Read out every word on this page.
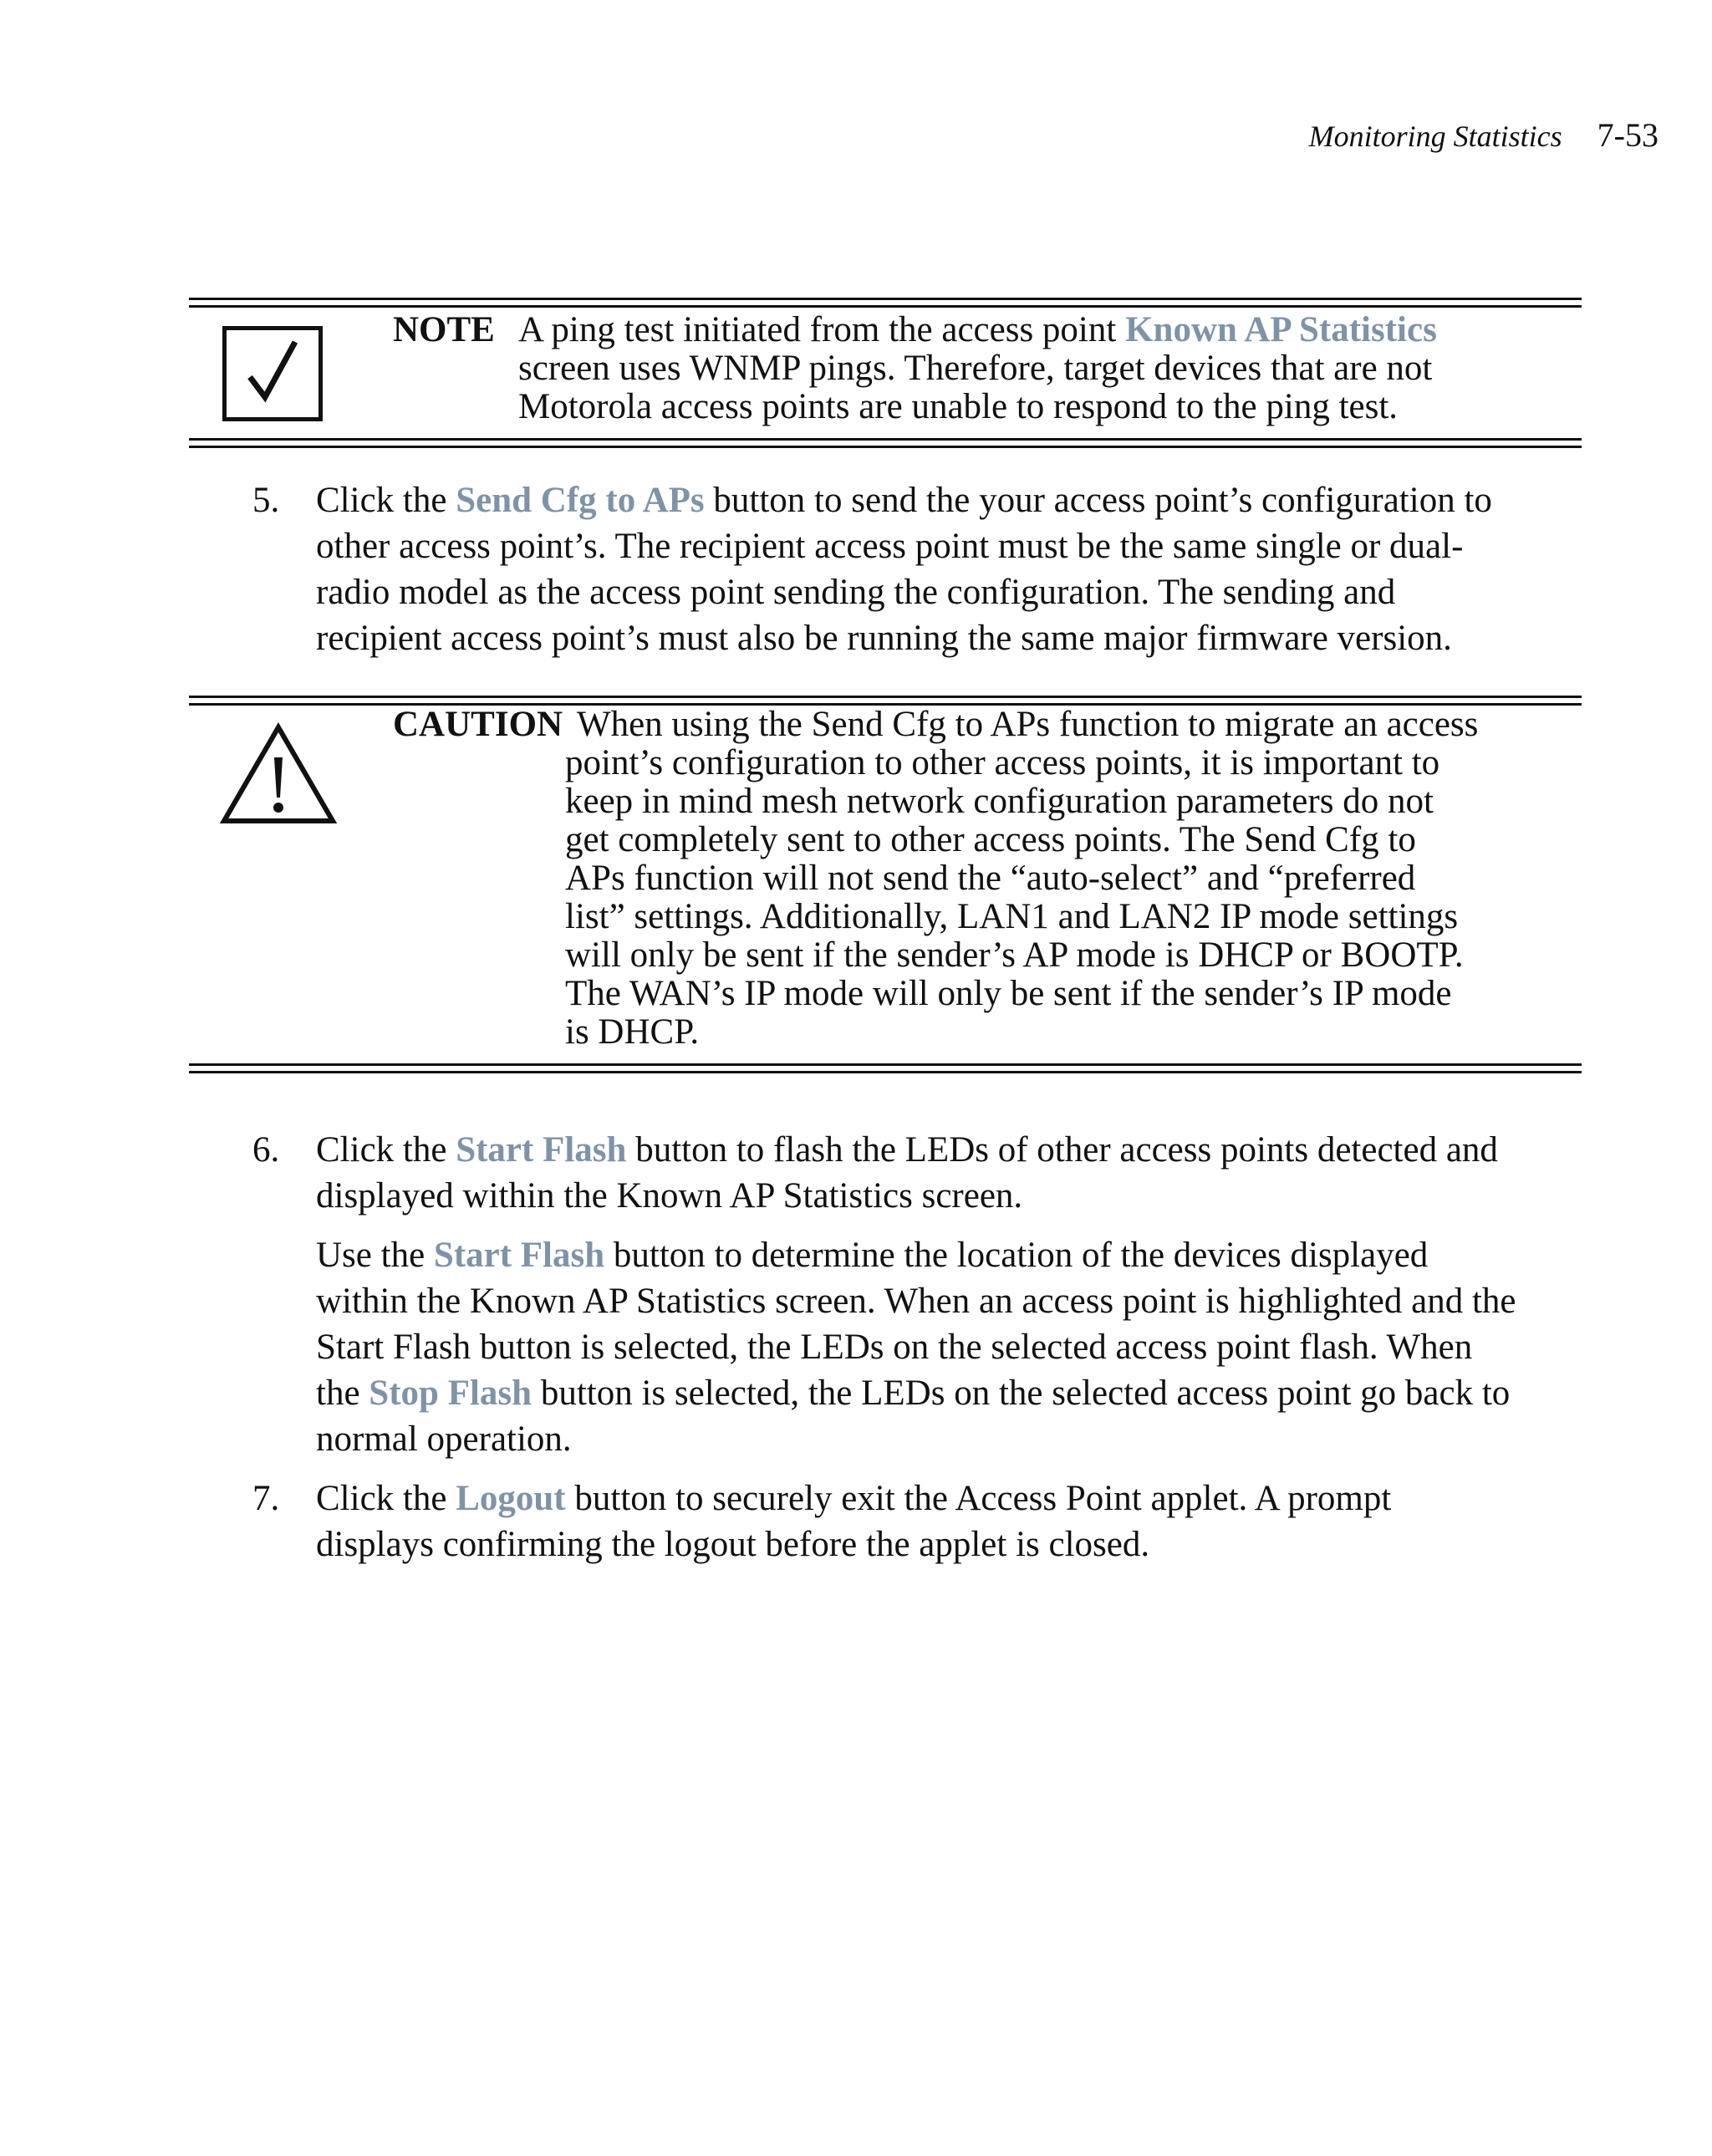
Monitoring Statistics 7-53
NOTE A ping test initiated from the access point Known AP Statistics
screen uses WNMP pings. Therefore, target devices that are not
Motorola access points are unable to respond to the ping test.
5. Click the Send Cfg to APs button to send the your access point’s configuration to
other access point’s. The recipient access point must be the same single or dual-
radio model as the access point sending the configuration. The sending and
recipient access point’s must also be running the same major firmware version.
CAUTION When using the Send Cfg to APs function to migrate an access
point’s configuration to other access points, it is important to
keep in mind mesh network configuration parameters do not
get completely sent to other access points. The Send Cfg to
APs function will not send the “auto-select” and “preferred
list” settings. Additionally, LAN1 and LAN2 IP mode settings
will only be sent if the sender’s AP mode is DHCP or BOOTP.
The WAN’s IP mode will only be sent if the sender’s IP mode
is DHCP.
6. Click the Start Flash button to flash the LEDs of other access points detected and
displayed within the Known AP Statistics screen.
Use the Start Flash button to determine the location of the devices displayed
within the Known AP Statistics screen. When an access point is highlighted and the
Start Flash button is selected, the LEDs on the selected access point flash. When
the Stop Flash button is selected, the LEDs on the selected access point go back to
normal operation.
7. Click the Logout button to securely exit the Access Point applet. A prompt
displays confirming the logout before the applet is closed.
